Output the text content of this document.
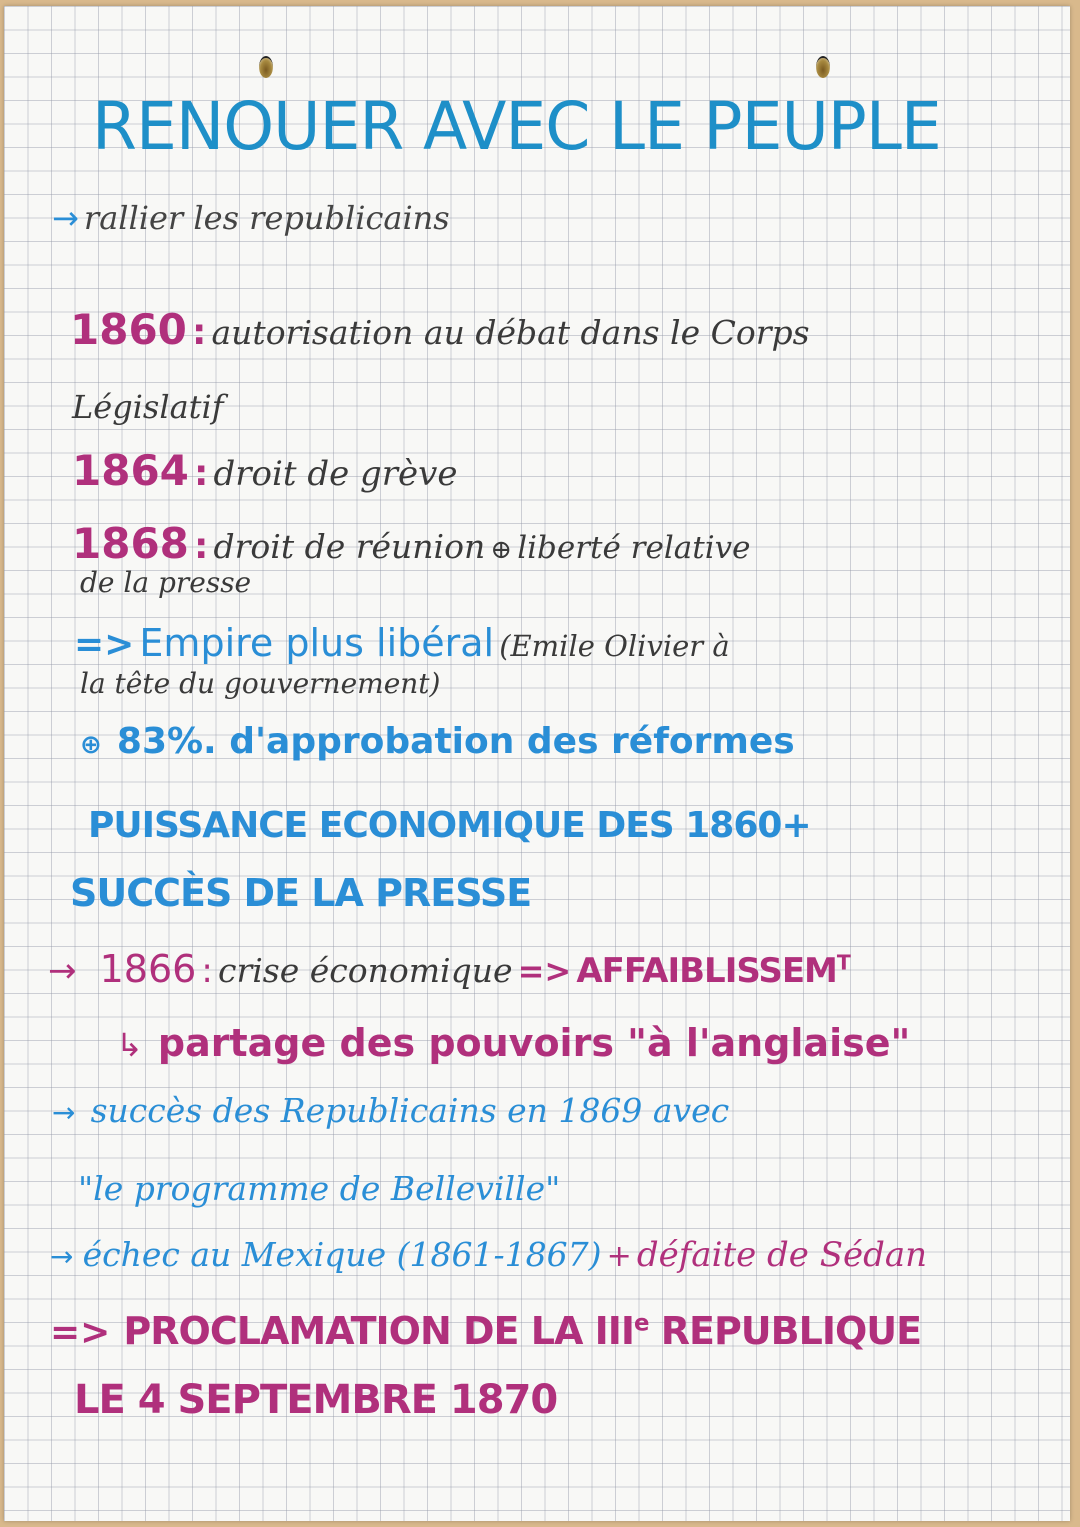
RENOUER AVEC LE PEUPLE
→ rallier les republicains
1860 : autorisation au débat dans le Corps
Législatif
1864 : droit de grève
1868 : droit de réunion ⊕ liberté relative
de la presse
=> Empire plus libéral (Emile Olivier à
la tête du gouvernement)
⊕ 83%. d'approbation des réformes
PUISSANCE ECONOMIQUE DES 1860+
SUCCÈS DE LA PRESSE
→ 1866 : crise économique => $AFFAIBLISSEM^T$
↳ partage des pouvoirs "à l'anglaise"
→ succès des Republicains en 1869 avec
"le programme de Belleville"
→ échec au Mexique (1861-1867) + défaite de Sédan
=> PROCLAMATION DE LA IIIe REPUBLIQUE
LE 4 SEPTEMBRE 1870
